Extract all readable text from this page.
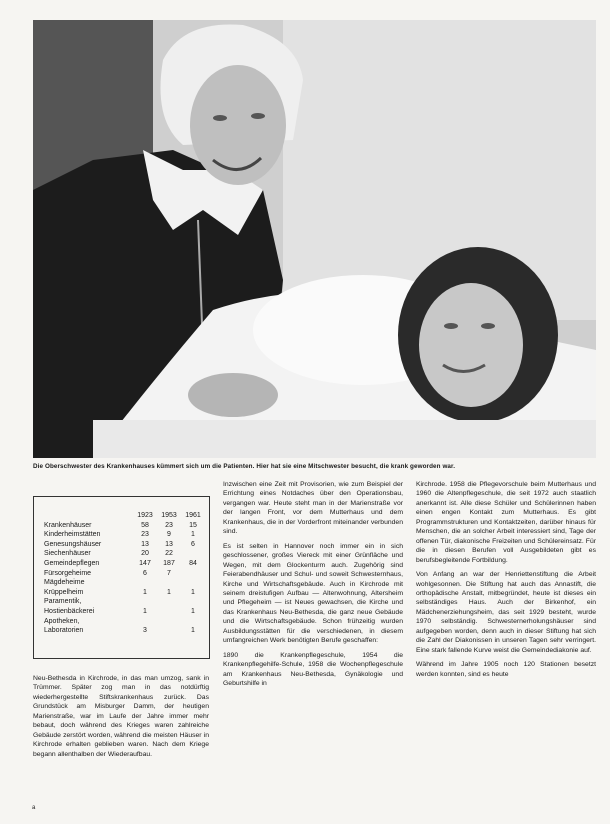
Die Oberschwester des Krankenhauses kümmert sich um die Patienten. Hier hat sie eine Mitschwester besucht, die krank geworden war.
	1923	1953	1961
Krankenhäuser	58	23	15
Kinderheimstätten	23	9	1
Genesungshäuser	13	13	6
Siechenhäuser	20	22	
Gemeindepflegen	147	187	84
Fürsorgeheime	6	7	
Mägdeheime			
Krüppelheim	1	1	1
Paramentik,			
Hostienbäckerei	1		1
Apotheken,			
Laboratorien	3		1

Neu-Bethesda in Kirchrode, in das man umzog, sank in Trümmer. Später zog man in das notdürftig wiederhergestellte Stiftskrankenhaus zurück. Das Grundstück am Misburger Damm, der heutigen Marienstraße, war im Laufe der Jahre immer mehr bebaut, doch während des Krieges waren zahlreiche Gebäude zerstört worden, während die meisten Häuser in Kirchrode erhalten geblieben waren. Nach dem Kriege begann allenthalben der Wiederaufbau.

Inzwischen eine Zeit mit Provisorien, wie zum Beispiel der Errichtung eines Notdaches über den Operationsbau, vergangen war. Heute steht man in der Marienstraße vor der langen Front, vor dem Mutterhaus und dem Krankenhaus, die in der Vorderfront miteinander verbunden sind.

Es ist selten in Hannover noch immer ein in sich geschlossener, großes Viereck mit einer Grünfläche und Wegen, mit dem Glockenturm auch. Zugehörig sind Feierabendhäuser und Schul- und soweit Schwesternhaus, Kirche und Wirtschaftsgebäude. Auch in Kirchrode mit seinem dreistufigen Aufbau — Altenwohnung, Altersheim und Pflegeheim — ist Neues gewachsen, die Kirche und das Krankenhaus Neu-Bethesda, die ganz neue Gebäude und die Wirtschaftsgebäude. Schon frühzeitig wurden Ausbildungsstätten für die verschiedenen, in diesem umfangreichen Werk benötigten Berufe geschaffen:

1890 die Krankenpflegeschule, 1954 die Krankenpflegehilfe-Schule, 1958 die Wochenpflegeschule am Krankenhaus Neu-Bethesda, Gynäkologie und Geburtshilfe in

Kirchrode. 1958 die Pflegevorschule beim Mutterhaus und 1960 die Altenpflegeschule, die seit 1972 auch staatlich anerkannt ist. Alle diese Schüler und Schülerinnen haben einen engen Kontakt zum Mutterhaus. Es gibt Programmstrukturen und Kontaktzeiten, darüber hinaus für Menschen, die an solcher Arbeit interessiert sind, Tage der offenen Tür, diakonische Freizeiten und Schülereinsatz. Für die in diesen Berufen voll Ausgebildeten gibt es berufsbegleitende Fortbildung.

Von Anfang an war der Henriettenstiftung die Arbeit wohlgesonnen. Die Stiftung hat auch das Annastift, die orthopädische Anstalt, mitbegründet, heute ist dieses ein selbständiges Haus. Auch der Birkenhof, ein Mädchenerziehungsheim, das seit 1929 besteht, wurde 1970 selbständig. Schwesternerholungshäuser sind aufgegeben worden, denn auch in dieser Stiftung hat sich die Zahl der Diakonissen in unseren Tagen sehr verringert. Eine stark fallende Kurve weist die Gemeindediakonie auf.

Während im Jahre 1905 noch 120 Stationen besetzt werden konnten, sind es heute

a
